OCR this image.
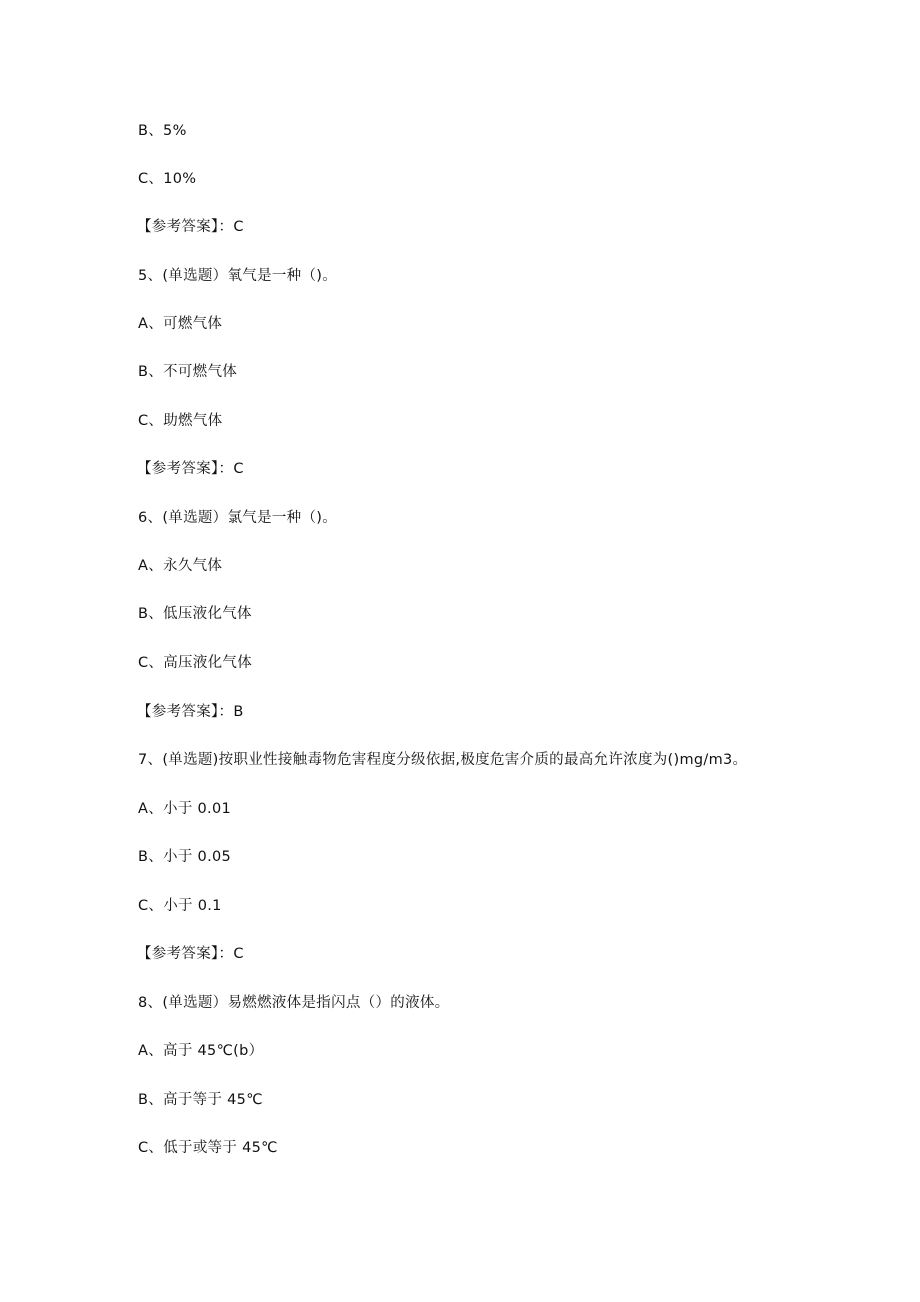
B、5%
C、10%
【参考答案】：C
5、(单选题）氧气是一种（)。
A、可燃气体
B、不可燃气体
C、助燃气体
【参考答案】：C
6、(单选题）氯气是一种（)。
A、永久气体
B、低压液化气体
C、高压液化气体
【参考答案】：B
7、(单选题)按职业性接触毒物危害程度分级依据,极度危害介质的最高允许浓度为()mg/m3。
A、小于 0.01
B、小于 0.05
C、小于 0.1
【参考答案】：C
8、(单选题）易燃燃液体是指闪点（）的液体。
A、高于 45℃(b）
B、高于等于 45℃
C、低于或等于 45℃
